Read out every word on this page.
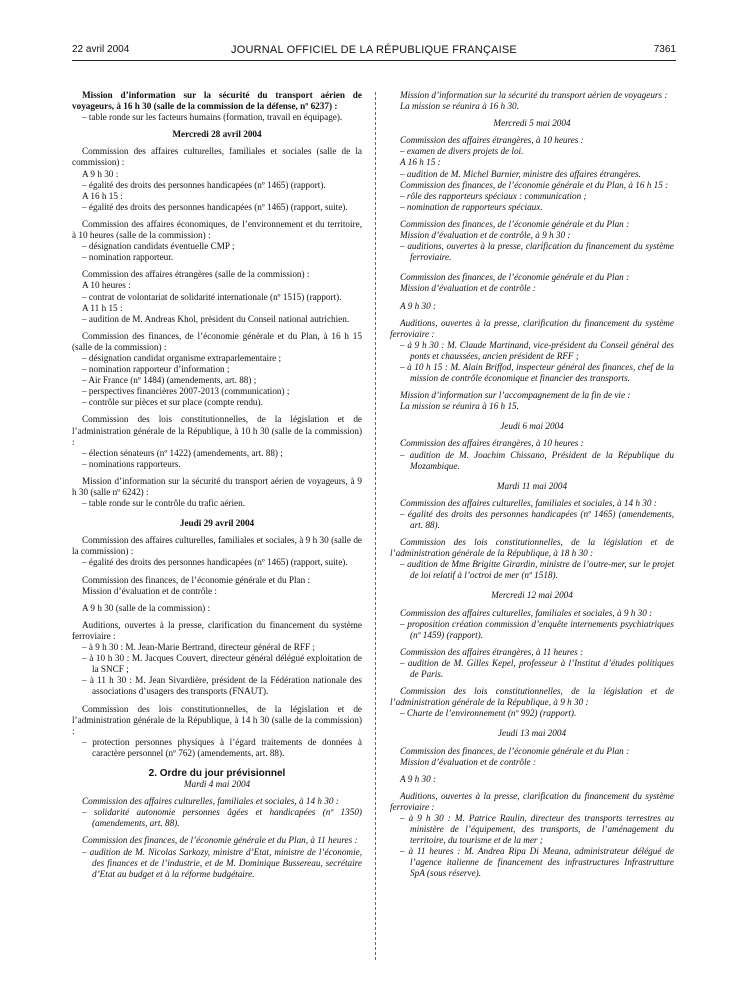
22 avril 2004	JOURNAL OFFICIEL DE LA RÉPUBLIQUE FRANÇAISE	7361

Mission d’information sur la sécurité du transport aérien de voyageurs, à 16 h 30 (salle de la commission de la défense, nº 6237) :

– table ronde sur les facteurs humains (formation, travail en équipage).

Mercredi 28 avril 2004

Commission des affaires culturelles, familiales et sociales (salle de la commission) :

A 9 h 30 :

– égalité des droits des personnes handicapées (nº 1465) (rapport).

A 16 h 15 :

– égalité des droits des personnes handicapées (nº 1465) (rapport, suite).

Commission des affaires économiques, de l’environnement et du territoire, à 10 heures (salle de la commission) :

– désignation candidats éventuelle CMP ;

– nomination rapporteur.

Commission des affaires étrangères (salle de la commission) :

A 10 heures :

– contrat de volontariat de solidarité internationale (nº 1515) (rapport).

A 11 h 15 :

– audition de M. Andreas Khol, président du Conseil national autrichien.

Commission des finances, de l’économie générale et du Plan, à 16 h 15 (salle de la commission) :

– désignation candidat organisme extraparlementaire ;

– nomination rapporteur d’information ;

– Air France (nº 1484) (amendements, art. 88) ;

– perspectives financières 2007-2013 (communication) ;

– contrôle sur pièces et sur place (compte rendu).

Commission des lois constitutionnelles, de la législation et de l’administration générale de la République, à 10 h 30 (salle de la commission) :

– élection sénateurs (nº 1422) (amendements, art. 88) ;

– nominations rapporteurs.

Mission d’information sur la sécurité du transport aérien de voyageurs, à 9 h 30 (salle nº 6242) :

– table ronde sur le contrôle du trafic aérien.

Jeudi 29 avril 2004

Commission des affaires culturelles, familiales et sociales, à 9 h 30 (salle de la commission) :

– égalité des droits des personnes handicapées (nº 1465) (rapport, suite).

Commission des finances, de l’économie générale et du Plan :

Mission d’évaluation et de contrôle :

A 9 h 30 (salle de la commission) :

Auditions, ouvertes à la presse, clarification du financement du système ferroviaire :

– à 9 h 30 : M. Jean-Marie Bertrand, directeur général de RFF ;

– à 10 h 30 : M. Jacques Couvert, directeur général délégué exploitation de la SNCF ;

– à 11 h 30 : M. Jean Sivardière, président de la Fédération nationale des associations d’usagers des transports (FNAUT).

Commission des lois constitutionnelles, de la législation et de l’administration générale de la République, à 14 h 30 (salle de la commission) :

– protection personnes physiques à l’égard traitements de données à caractère personnel (nº 762) (amendements, art. 88).

2. Ordre du jour prévisionnel

Mardi 4 mai 2004

Commission des affaires culturelles, familiales et sociales, à 14 h 30 :

– solidarité autonomie personnes âgées et handicapées (nº 1350) (amendements, art. 88).

Commission des finances, de l’économie générale et du Plan, à 11 heures :

– audition de M. Nicolas Sarkozy, ministre d’Etat, ministre de l’économie, des finances et de l’industrie, et de M. Dominique Bussereau, secrétaire d’Etat au budget et à la réforme budgétaire.

Mission d’information sur la sécurité du transport aérien de voyageurs :

La mission se réunira à 16 h 30.

Mercredi 5 mai 2004

Commission des affaires étrangères, à 10 heures :

– examen de divers projets de loi.

A 16 h 15 :

– audition de M. Michel Barnier, ministre des affaires étrangères.

Commission des finances, de l’économie générale et du Plan, à 16 h 15 :

– rôle des rapporteurs spéciaux : communication ;

– nomination de rapporteurs spéciaux.

Commission des finances, de l’économie générale et du Plan :

Mission d’évaluation et de contrôle, à 9 h 30 :

– auditions, ouvertes à la presse, clarification du financement du système ferroviaire.

Commission des finances, de l’économie générale et du Plan :

Mission d’évaluation et de contrôle :

A 9 h 30 :

Auditions, ouvertes à la presse, clarification du financement du système ferroviaire :

– à 9 h 30 : M. Claude Martinand, vice-président du Conseil général des ponts et chaussées, ancien président de RFF ;

– à 10 h 15 : M. Alain Briffod, inspecteur général des finances, chef de la mission de contrôle économique et financier des transports.

Mission d’information sur l’accompagnement de la fin de vie :

La mission se réunira à 16 h 15.

Jeudi 6 mai 2004

Commission des affaires étrangères, à 10 heures :

– audition de M. Joachim Chissano, Président de la République du Mozambique.

Mardi 11 mai 2004

Commission des affaires culturelles, familiales et sociales, à 14 h 30 :

– égalité des droits des personnes handicapées (nº 1465) (amendements, art. 88).

Commission des lois constitutionnelles, de la législation et de l’administration générale de la République, à 18 h 30 :

– audition de Mme Brigitte Girardin, ministre de l’outre-mer, sur le projet de loi relatif à l’octroi de mer (nº 1518).

Mercredi 12 mai 2004

Commission des affaires culturelles, familiales et sociales, à 9 h 30 :

– proposition création commission d’enquête internements psychiatriques (nº 1459) (rapport).

Commission des affaires étrangères, à 11 heures :

– audition de M. Gilles Kepel, professeur à l’Institut d’études politiques de Paris.

Commission des lois constitutionnelles, de la législation et de l’administration générale de la République, à 9 h 30 :

– Charte de l’environnement (nº 992) (rapport).

Jeudi 13 mai 2004

Commission des finances, de l’économie générale et du Plan :

Mission d’évaluation et de contrôle :

A 9 h 30 :

Auditions, ouvertes à la presse, clarification du financement du système ferroviaire :

– à 9 h 30 : M. Patrice Raulin, directeur des transports terrestres au ministère de l’équipement, des transports, de l’aménagement du territoire, du tourisme et de la mer ;

– à 11 heures : M. Andrea Ripa Di Meana, administrateur délégué de l’agence italienne de financement des infrastructures Infrastrutture SpA (sous réserve).
